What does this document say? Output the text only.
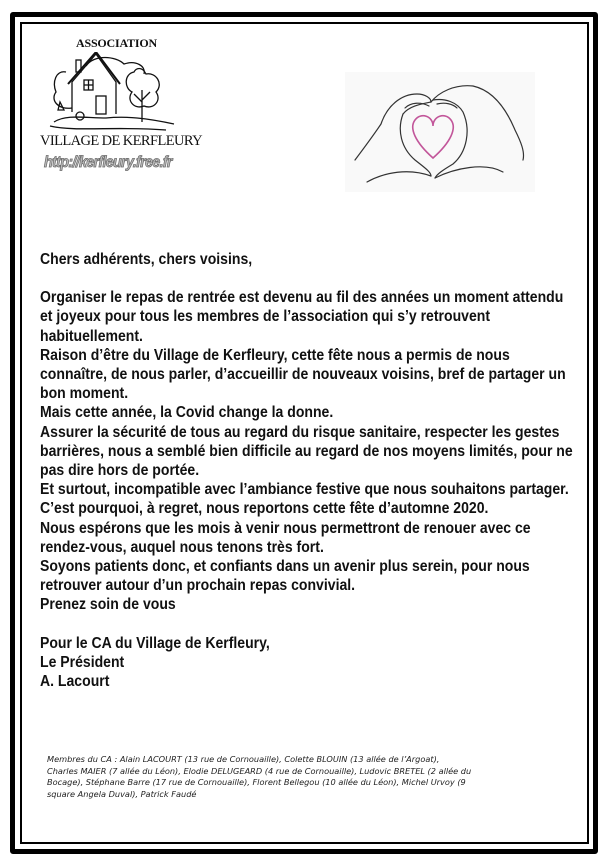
ASSOCIATION
VILLAGE DE KERFLEURY
http://kerfleury.free.fr

Chers adhérents, chers voisins,

Organiser le repas de rentrée est devenu au fil des années un moment attendu

et joyeux pour tous les membres de l’association qui s’y retrouvent

habituellement.

Raison d’être du Village de Kerfleury, cette fête nous a permis de nous

connaître, de nous parler, d’accueillir de nouveaux voisins, bref de partager un

bon moment.

Mais cette année, la Covid change la donne.

Assurer la sécurité de tous au regard du risque sanitaire, respecter les gestes

barrières, nous a semblé bien difficile au regard de nos moyens limités, pour ne

pas dire hors de portée.

Et surtout, incompatible avec l’ambiance festive que nous souhaitons partager.

C’est pourquoi, à regret, nous reportons cette fête d’automne 2020.

Nous espérons que les mois à venir nous permettront de renouer avec ce

rendez-vous, auquel nous tenons très fort.

Soyons patients donc, et confiants dans un avenir plus serein, pour nous

retrouver autour d’un prochain repas convivial.

Prenez soin de vous

Pour le CA du Village de Kerfleury,

Le Président

A. Lacourt

Membres du CA : Alain LACOURT (13 rue de Cornouaille), Colette BLOUIN (13 allée de l’Argoat),
Charles MAIER (7 allée du Léon), Elodie DELUGEARD (4 rue de Cornouaille), Ludovic BRETEL (2 allée du
Bocage), Stéphane Barre (17 rue de Cornouaille), Florent Bellegou (10 allée du Léon), Michel Urvoy (9
square Angela Duval), Patrick Faudé
